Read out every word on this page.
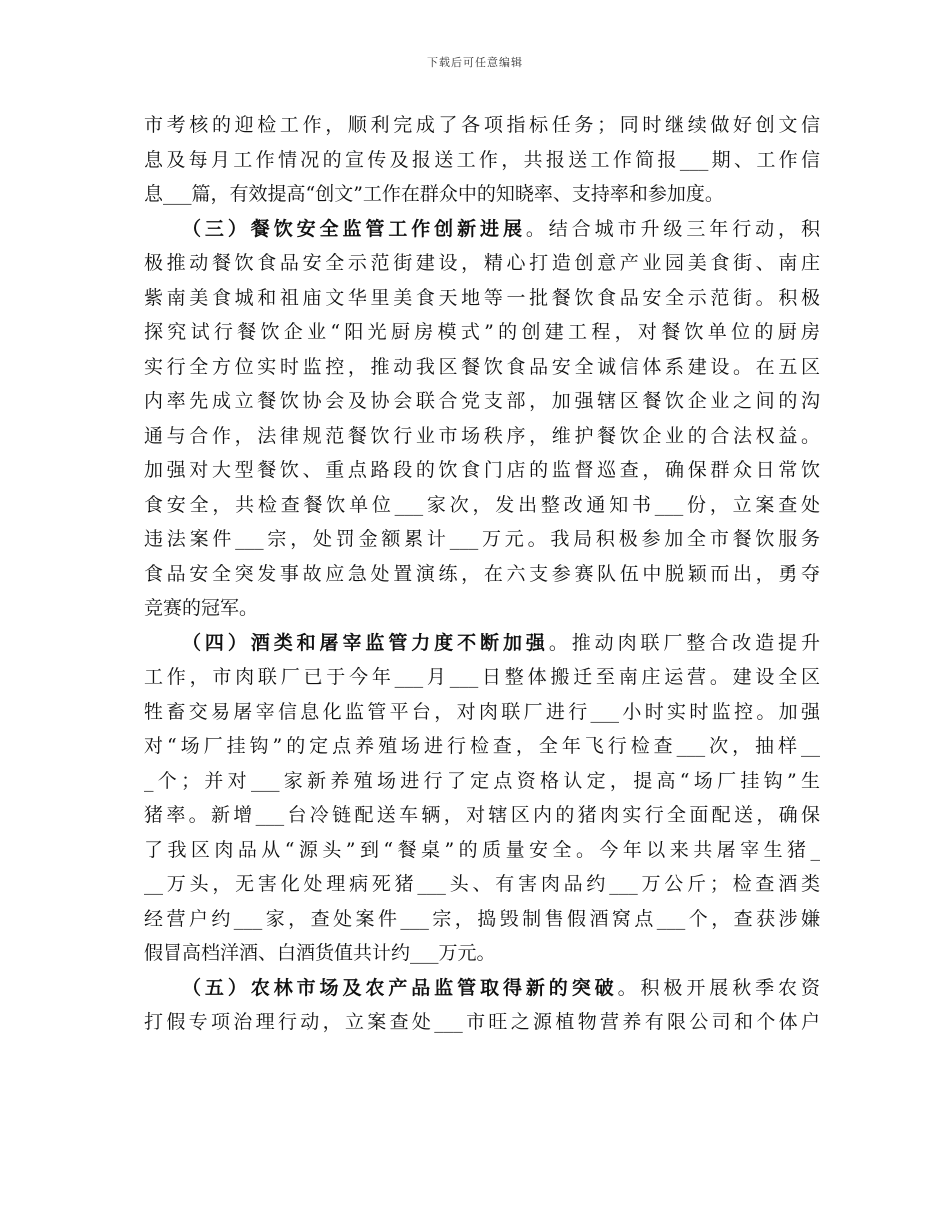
下载后可任意编辑
市考核的迎检工作，顺利完成了各项指标任务；同时继续做好创文信
息及每月工作情况的宣传及报送工作，共报送工作简报___期、工作信
息___篇，有效提高“创文”工作在群众中的知晓率、支持率和参加度。
（三）餐饮安全监管工作创新进展。结合城市升级三年行动，积
极推动餐饮食品安全示范街建设，精心打造创意产业园美食街、南庄
紫南美食城和祖庙文华里美食天地等一批餐饮食品安全示范街。积极
探究试行餐饮企业“阳光厨房模式”的创建工程，对餐饮单位的厨房
实行全方位实时监控，推动我区餐饮食品安全诚信体系建设。在五区
内率先成立餐饮协会及协会联合党支部，加强辖区餐饮企业之间的沟
通与合作，法律规范餐饮行业市场秩序，维护餐饮企业的合法权益。
加强对大型餐饮、重点路段的饮食门店的监督巡查，确保群众日常饮
食安全，共检查餐饮单位___家次，发出整改通知书___份，立案查处
违法案件___宗，处罚金额累计___万元。我局积极参加全市餐饮服务
食品安全突发事故应急处置演练，在六支参赛队伍中脱颖而出，勇夺
竞赛的冠军。
（四）酒类和屠宰监管力度不断加强。推动肉联厂整合改造提升
工作，市肉联厂已于今年___月___日整体搬迁至南庄运营。建设全区
牲畜交易屠宰信息化监管平台，对肉联厂进行___小时实时监控。加强
对“场厂挂钩”的定点养殖场进行检查，全年飞行检查___次，抽样__
_个；并对___家新养殖场进行了定点资格认定，提高“场厂挂钩”生
猪率。新增___台冷链配送车辆，对辖区内的猪肉实行全面配送，确保
了我区肉品从“源头”到“餐桌”的质量安全。今年以来共屠宰生猪_
__万头，无害化处理病死猪___头、有害肉品约___万公斤；检查酒类
经营户约___家，查处案件___宗，捣毁制售假酒窝点___个，查获涉嫌
假冒高档洋酒、白酒货值共计约___万元。
（五）农林市场及农产品监管取得新的突破。积极开展秋季农资
打假专项治理行动，立案查处___市旺之源植物营养有限公司和个体户
